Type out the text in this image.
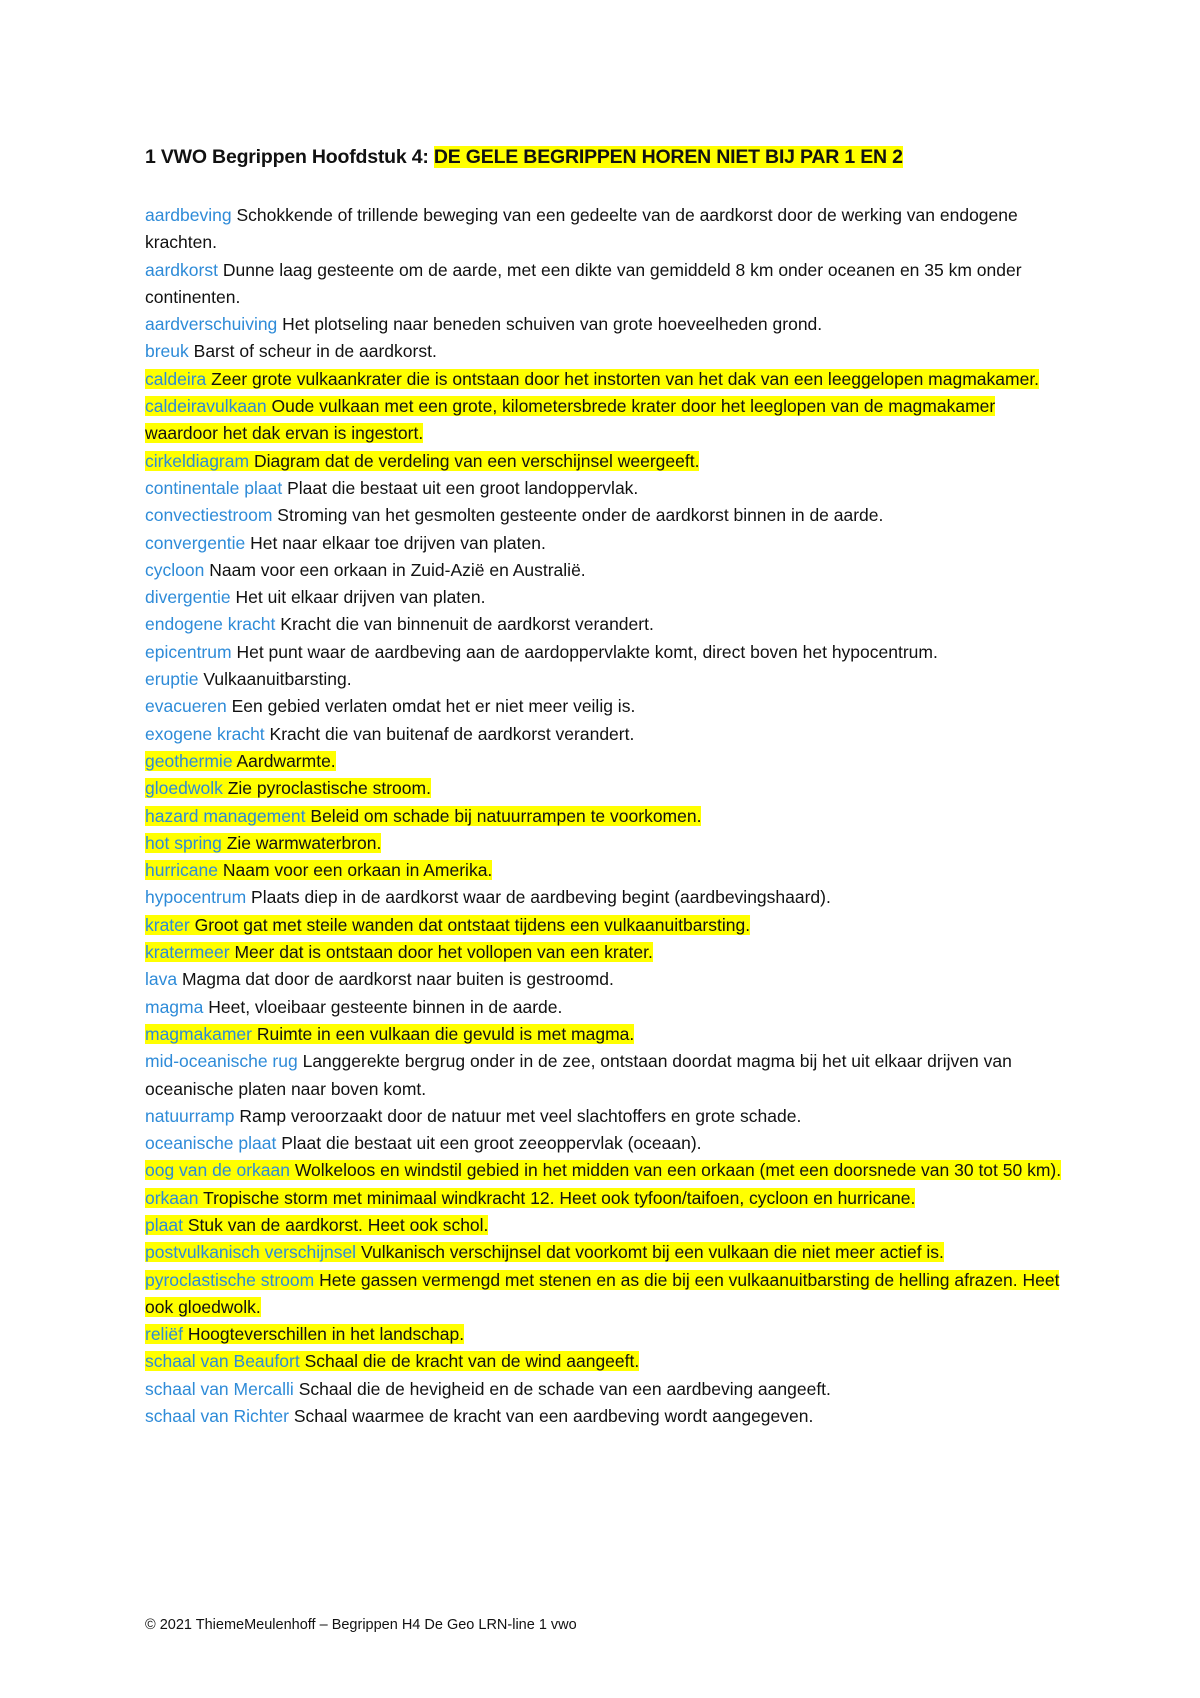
1 VWO Begrippen Hoofdstuk 4: DE GELE BEGRIPPEN HOREN NIET BIJ PAR 1 EN 2

aardbeving Schokkende of trillende beweging van een gedeelte van de aardkorst door de werking van endogene krachten.

aardkorst Dunne laag gesteente om de aarde, met een dikte van gemiddeld 8 km onder oceanen en 35 km onder continenten.

aardverschuiving Het plotseling naar beneden schuiven van grote hoeveelheden grond.

breuk Barst of scheur in de aardkorst.

caldeira Zeer grote vulkaankrater die is ontstaan door het instorten van het dak van een leeggelopen magmakamer.

caldeiravulkaan Oude vulkaan met een grote, kilometersbrede krater door het leeglopen van de magmakamer waardoor het dak ervan is ingestort.

cirkeldiagram Diagram dat de verdeling van een verschijnsel weergeeft.

continentale plaat Plaat die bestaat uit een groot landoppervlak.

convectiestroom Stroming van het gesmolten gesteente onder de aardkorst binnen in de aarde.

convergentie Het naar elkaar toe drijven van platen.

cycloon Naam voor een orkaan in Zuid-Azië en Australië.

divergentie Het uit elkaar drijven van platen.

endogene kracht Kracht die van binnenuit de aardkorst verandert.

epicentrum Het punt waar de aardbeving aan de aardoppervlakte komt, direct boven het hypocentrum.

eruptie Vulkaanuitbarsting.

evacueren Een gebied verlaten omdat het er niet meer veilig is.

exogene kracht Kracht die van buitenaf de aardkorst verandert.

geothermie Aardwarmte.

gloedwolk Zie pyroclastische stroom.

hazard management Beleid om schade bij natuurrampen te voorkomen.

hot spring Zie warmwaterbron.

hurricane Naam voor een orkaan in Amerika.

hypocentrum Plaats diep in de aardkorst waar de aardbeving begint (aardbevingshaard).

krater Groot gat met steile wanden dat ontstaat tijdens een vulkaanuitbarsting.

kratermeer Meer dat is ontstaan door het vollopen van een krater.

lava Magma dat door de aardkorst naar buiten is gestroomd.

magma Heet, vloeibaar gesteente binnen in de aarde.

magmakamer Ruimte in een vulkaan die gevuld is met magma.

mid-oceanische rug Langgerekte bergrug onder in de zee, ontstaan doordat magma bij het uit elkaar drijven van oceanische platen naar boven komt.

natuurramp Ramp veroorzaakt door de natuur met veel slachtoffers en grote schade.

oceanische plaat Plaat die bestaat uit een groot zeeoppervlak (oceaan).

oog van de orkaan Wolkeloos en windstil gebied in het midden van een orkaan (met een doorsnede van 30 tot 50 km).

orkaan Tropische storm met minimaal windkracht 12. Heet ook tyfoon/taifoen, cycloon en hurricane.

plaat Stuk van de aardkorst. Heet ook schol.

postvulkanisch verschijnsel Vulkanisch verschijnsel dat voorkomt bij een vulkaan die niet meer actief is.

pyroclastische stroom Hete gassen vermengd met stenen en as die bij een vulkaanuitbarsting de helling afrazen. Heet ook gloedwolk.

reliëf Hoogteverschillen in het landschap.

schaal van Beaufort Schaal die de kracht van de wind aangeeft.

schaal van Mercalli Schaal die de hevigheid en de schade van een aardbeving aangeeft.

schaal van Richter Schaal waarmee de kracht van een aardbeving wordt aangegeven.

© 2021 ThiemeMeulenhoff – Begrippen H4 De Geo LRN-line 1 vwo
